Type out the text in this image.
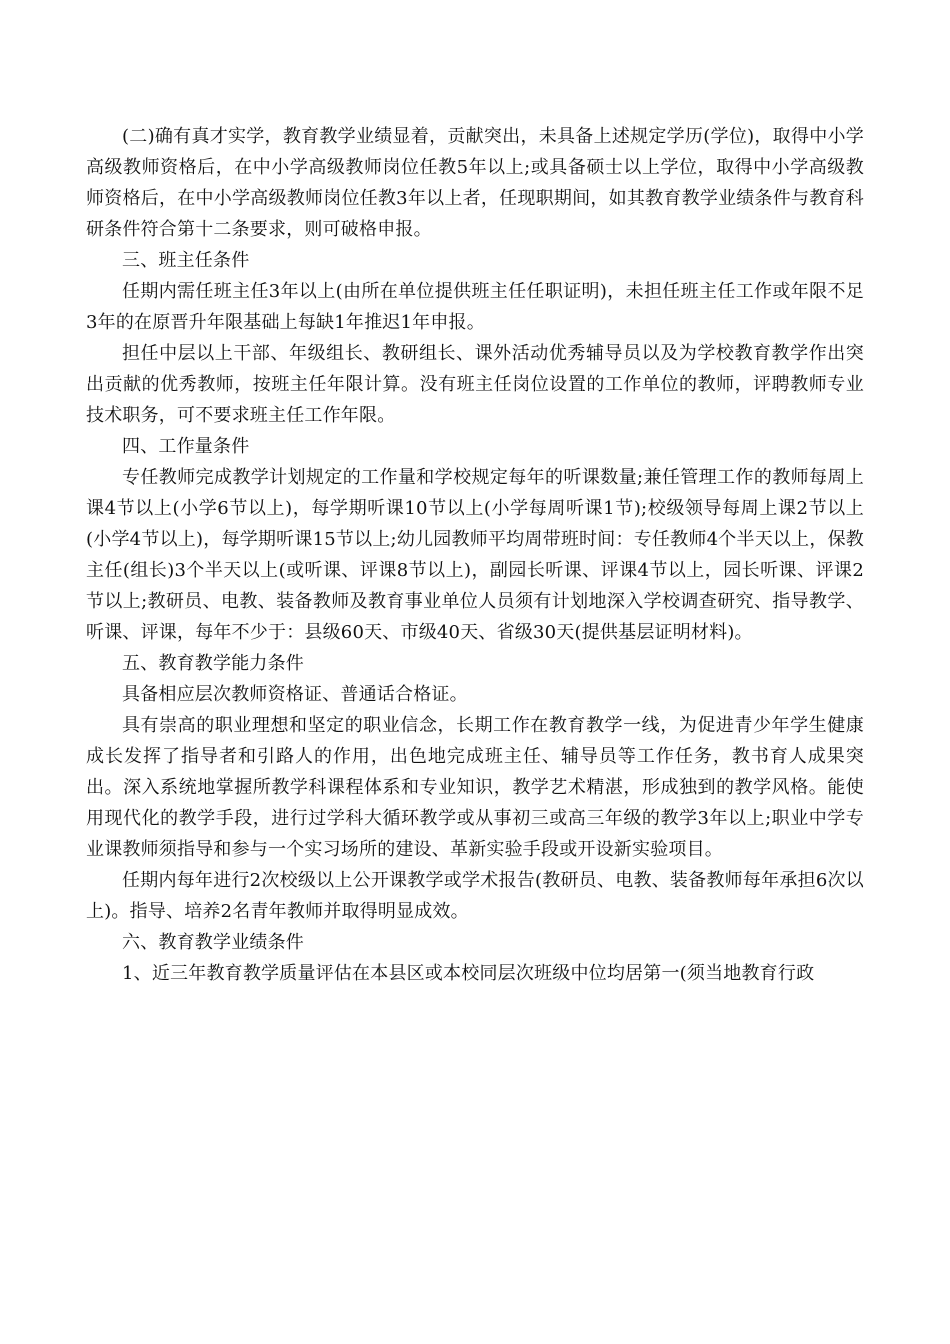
(二)确有真才实学，教育教学业绩显着，贡献突出，未具备上述规定学历(学位)，取得中小学高级教师资格后，在中小学高级教师岗位任教5年以上;或具备硕士以上学位，取得中小学高级教师资格后，在中小学高级教师岗位任教3年以上者，任现职期间，如其教育教学业绩条件与教育科研条件符合第十二条要求，则可破格申报。

三、班主任条件

任期内需任班主任3年以上(由所在单位提供班主任任职证明)，未担任班主任工作或年限不足3年的在原晋升年限基础上每缺1年推迟1年申报。

担任中层以上干部、年级组长、教研组长、课外活动优秀辅导员以及为学校教育教学作出突出贡献的优秀教师，按班主任年限计算。没有班主任岗位设置的工作单位的教师，评聘教师专业技术职务，可不要求班主任工作年限。

四、工作量条件

专任教师完成教学计划规定的工作量和学校规定每年的听课数量;兼任管理工作的教师每周上课4节以上(小学6节以上)，每学期听课10节以上(小学每周听课1节);校级领导每周上课2节以上(小学4节以上)，每学期听课15节以上;幼儿园教师平均周带班时间：专任教师4个半天以上，保教主任(组长)3个半天以上(或听课、评课8节以上)，副园长听课、评课4节以上，园长听课、评课2节以上;教研员、电教、装备教师及教育事业单位人员须有计划地深入学校调查研究、指导教学、听课、评课，每年不少于：县级60天、市级40天、省级30天(提供基层证明材料)。

五、教育教学能力条件

具备相应层次教师资格证、普通话合格证。

具有崇高的职业理想和坚定的职业信念，长期工作在教育教学一线，为促进青少年学生健康成长发挥了指导者和引路人的作用，出色地完成班主任、辅导员等工作任务，教书育人成果突出。深入系统地掌握所教学科课程体系和专业知识，教学艺术精湛，形成独到的教学风格。能使用现代化的教学手段，进行过学科大循环教学或从事初三或高三年级的教学3年以上;职业中学专业课教师须指导和参与一个实习场所的建设、革新实验手段或开设新实验项目。

任期内每年进行2次校级以上公开课教学或学术报告(教研员、电教、装备教师每年承担6次以上)。指导、培养2名青年教师并取得明显成效。

六、教育教学业绩条件

1、近三年教育教学质量评估在本县区或本校同层次班级中位均居第一(须当地教育行政
